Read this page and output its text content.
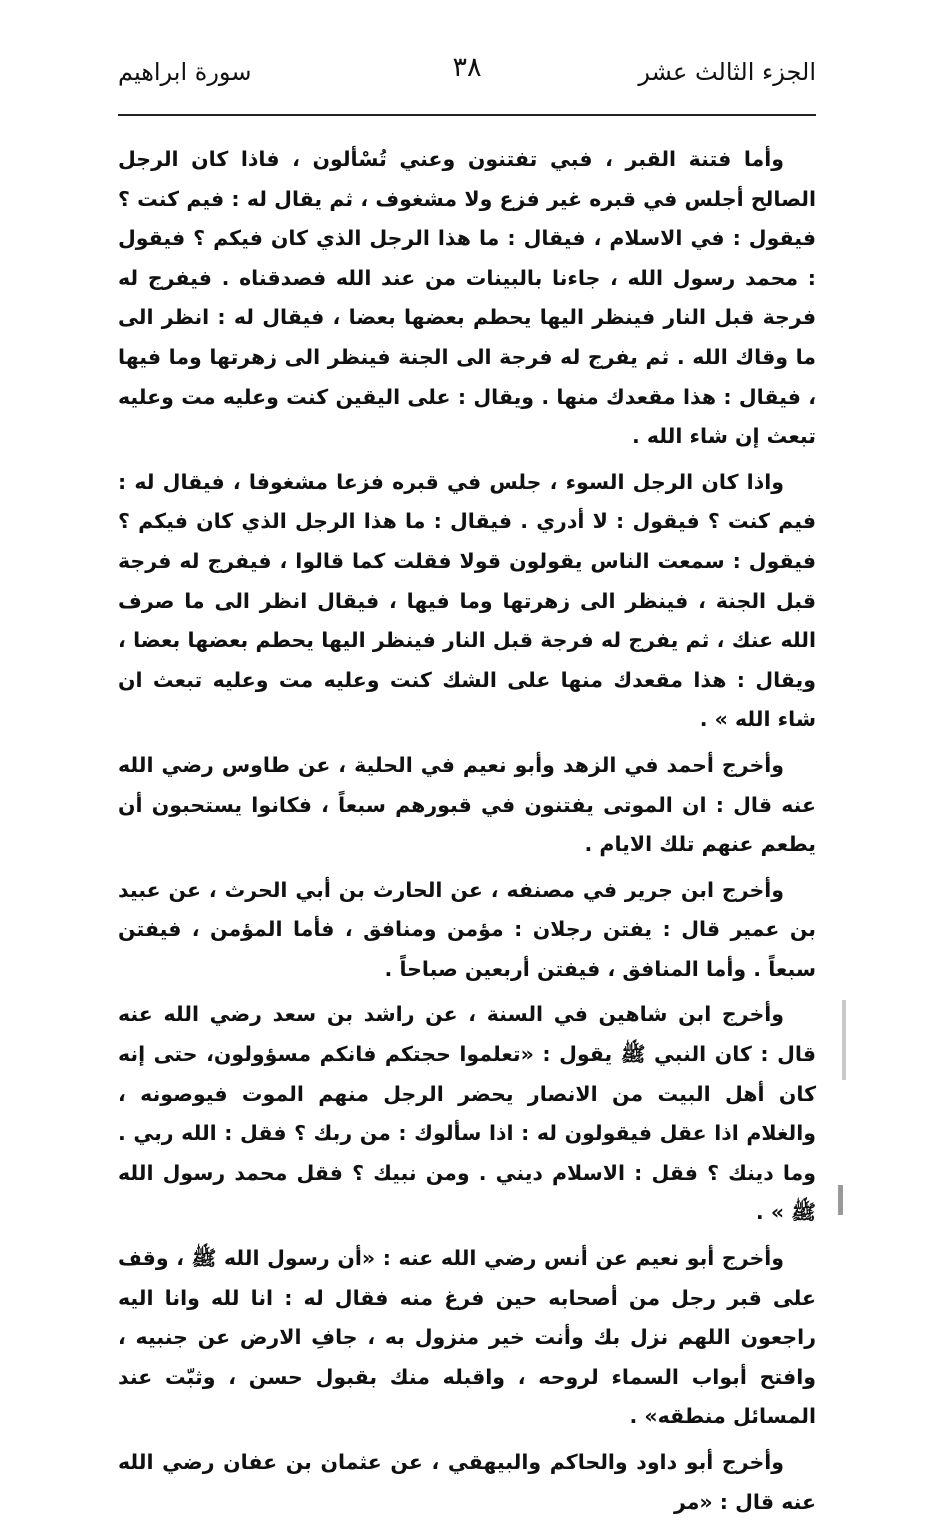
الجزء الثالث عشر
٣٨
سورة ابراهيم

وأما فتنة القبر ، فبي تفتنون وعني تُسْألون ، فاذا كان الرجل الصالح أجلس في قبره غير فزع ولا مشغوف ، ثم يقال له : فيم كنت ؟ فيقول : في الاسلام ، فيقال : ما هذا الرجل الذي كان فيكم ؟ فيقول : محمد رسول الله ، جاءنا بالبينات من عند الله فصدقناه . فيفرج له فرجة قبل النار فينظر اليها يحطم بعضها بعضا ، فيقال له : انظر الى ما وقاك الله . ثم يفرج له فرجة الى الجنة فينظر الى زهرتها وما فيها ، فيقال : هذا مقعدك منها . ويقال : على اليقين كنت وعليه مت وعليه تبعث إن شاء الله .

واذا كان الرجل السوء ، جلس في قبره فزعا مشغوفا ، فيقال له : فيم كنت ؟ فيقول : لا أدري . فيقال : ما هذا الرجل الذي كان فيكم ؟ فيقول : سمعت الناس يقولون قولا فقلت كما قالوا ، فيفرج له فرجة قبل الجنة ، فينظر الى زهرتها وما فيها ، فيقال انظر الى ما صرف الله عنك ، ثم يفرج له فرجة قبل النار فينظر اليها يحطم بعضها بعضا ، ويقال : هذا مقعدك منها على الشك كنت وعليه مت وعليه تبعث ان شاء الله » .

وأخرج أحمد في الزهد وأبو نعيم في الحلية ، عن طاوس رضي الله عنه قال : ان الموتى يفتنون في قبورهم سبعاً ، فكانوا يستحبون أن يطعم عنهم تلك الايام .

وأخرج ابن جرير في مصنفه ، عن الحارث بن أبي الحرث ، عن عبيد بن عمير قال : يفتن رجلان : مؤمن ومنافق ، فأما المؤمن ، فيفتن سبعاً . وأما المنافق ، فيفتن أربعين صباحاً .

وأخرج ابن شاهين في السنة ، عن راشد بن سعد رضي الله عنه قال : كان النبي ﷺ يقول : «تعلموا حجتكم فانكم مسؤولون، حتى إنه كان أهل البيت من الانصار يحضر الرجل منهم الموت فيوصونه ، والغلام اذا عقل فيقولون له : اذا سألوك : من ربك ؟ فقل : الله ربي . وما دينك ؟ فقل : الاسلام ديني . ومن نبيك ؟ فقل محمد رسول الله ﷺ » .

وأخرج أبو نعيم عن أنس رضي الله عنه : «أن رسول الله ﷺ ، وقف على قبر رجل من أصحابه حين فرغ منه فقال له : انا لله وانا اليه راجعون اللهم نزل بك وأنت خير منزول به ، جافِ الارض عن جنبيه ، وافتح أبواب السماء لروحه ، واقبله منك بقبول حسن ، وثبّت عند المسائل منطقه» .

وأخرج أبو داود والحاكم والبيهقي ، عن عثمان بن عفان رضي الله عنه قال : «مر
